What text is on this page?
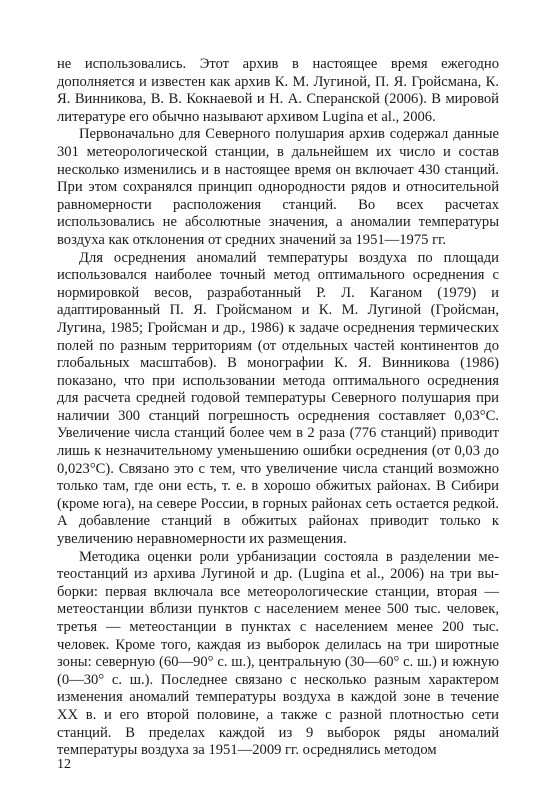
не использовались. Этот архив в настоящее время ежегодно дополняется и известен как архив К. М. Лугиной, П. Я. Гройсмана, К. Я. Винникова, В. В. Кокнаевой и Н. А. Сперанской (2006). В мировой литературе его обычно называют архивом Lugina et al., 2006.

Первоначально для Северного полушария архив содержал данные 301 метеорологической станции, в дальнейшем их число и состав несколько изменились и в настоящее время он включает 430 станций. При этом сохранялся принцип однородности рядов и относительной равномерности расположения станций. Во всех расчетах использовались не абсолютные значения, а аномалии температуры воздуха как отклонения от средних значений за 1951—1975 гг.

Для осреднения аномалий температуры воздуха по площади использовался наиболее точный метод оптимального осреднения с нормировкой весов, разработанный Р. Л. Каганом (1979) и адаптированный П. Я. Гройсманом и К. М. Лугиной (Гройсман, Лугина, 1985; Гройсман и др., 1986) к задаче осреднения термических полей по разным территориям (от отдельных частей континентов до глобальных масштабов). В монографии К. Я. Винникова (1986) показано, что при использовании метода оптимального осреднения для расчета средней годовой температуры Северного полушария при наличии 300 станций погрешность осреднения составляет 0,03°С. Увеличение числа станций более чем в 2 раза (776 станций) приводит лишь к незначительному уменьшению ошибки осреднения (от 0,03 до 0,023°С). Связано это с тем, что увеличение числа станций возможно только там, где они есть, т. е. в хорошо обжитых районах. В Сибири (кроме юга), на севере России, в горных районах сеть остается редкой. А добавление станций в обжитых районах приводит только к увеличению неравномерности их размещения.

Методика оценки роли урбанизации состояла в разделении метеостанций из архива Лугиной и др. (Lugina et al., 2006) на три выборки: первая включала все метеорологические станции, вторая — метеостанции вблизи пунктов с населением менее 500 тыс. человек, третья — метеостанции в пунктах с населением менее 200 тыс. человек. Кроме того, каждая из выборок делилась на три широтные зоны: северную (60—90° с. ш.), центральную (30—60° с. ш.) и южную (0—30° с. ш.). Последнее связано с несколько разным характером изменения аномалий температуры воздуха в каждой зоне в течение XX в. и его второй половине, а также с разной плотностью сети станций. В пределах каждой из 9 выборок ряды аномалий температуры воздуха за 1951—2009 гг. осреднялись методом

12
